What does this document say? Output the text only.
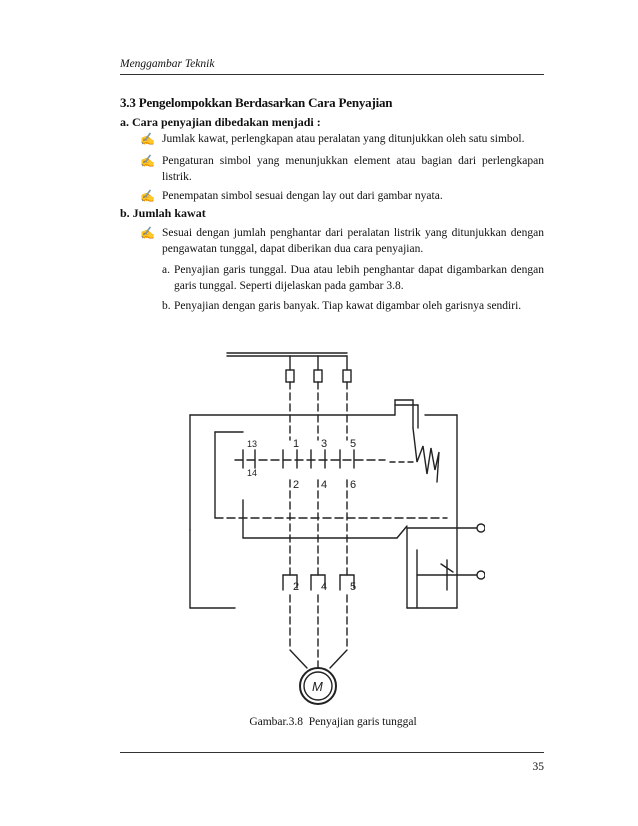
Menggambar Teknik
3.3 Pengelompokkan Berdasarkan Cara Penyajian
a. Cara penyajian dibedakan menjadi :
✍ Jumlak kawat, perlengkapan atau peralatan yang ditunjukkan oleh satu simbol.
✍ Pengaturan simbol yang menunjukkan element atau bagian dari perlengkapan listrik.
✍ Penempatan simbol sesuai dengan lay out dari gambar nyata.
b. Jumlah kawat
✍ Sesuai dengan jumlah penghantar dari peralatan listrik yang ditunjukkan dengan pengawatan tunggal, dapat diberikan dua cara penyajian.
a. Penyajian garis tunggal. Dua atau lebih penghantar dapat digambarkan dengan garis tunggal. Seperti dijelaskan pada gambar 3.8.
b. Penyajian dengan garis banyak. Tiap kawat digambar oleh garisnya sendiri.
1 3 5
2 4 6
2 4 5
13
14
M
Gambar.3.8 Penyajian garis tunggal
35
